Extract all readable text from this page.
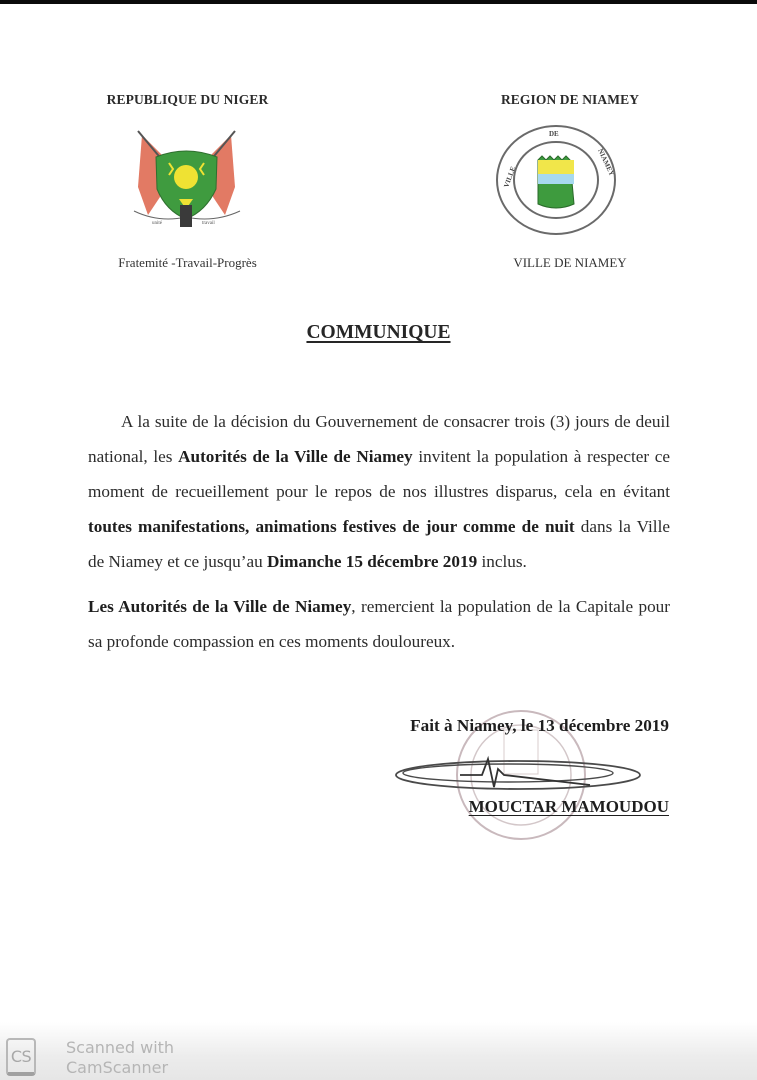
REPUBLIQUE DU NIGER	REGION DE NIAMEY
unité	travail
DE
VILLE	NIAMEY
Fratemité -Travail-Progrès	VILLE DE NIAMEY
COMMUNIQUE

A la suite de la décision du Gouvernement de consacrer trois (3) jours de deuil national, les Autorités de la Ville de Niamey invitent la population à respecter ce moment de recueillement pour le repos de nos illustres disparus, cela en évitant toutes manifestations, animations festives de jour comme de nuit dans la Ville de Niamey et ce jusqu’au Dimanche 15 décembre 2019 inclus.

Les Autorités de la Ville de Niamey, remercient la population de la Capitale pour sa profonde compassion en ces moments douloureux.

Fait à Niamey, le 13 décembre 2019
MOUCTAR MAMOUDOU
CS	Scanned with
CamScanner
